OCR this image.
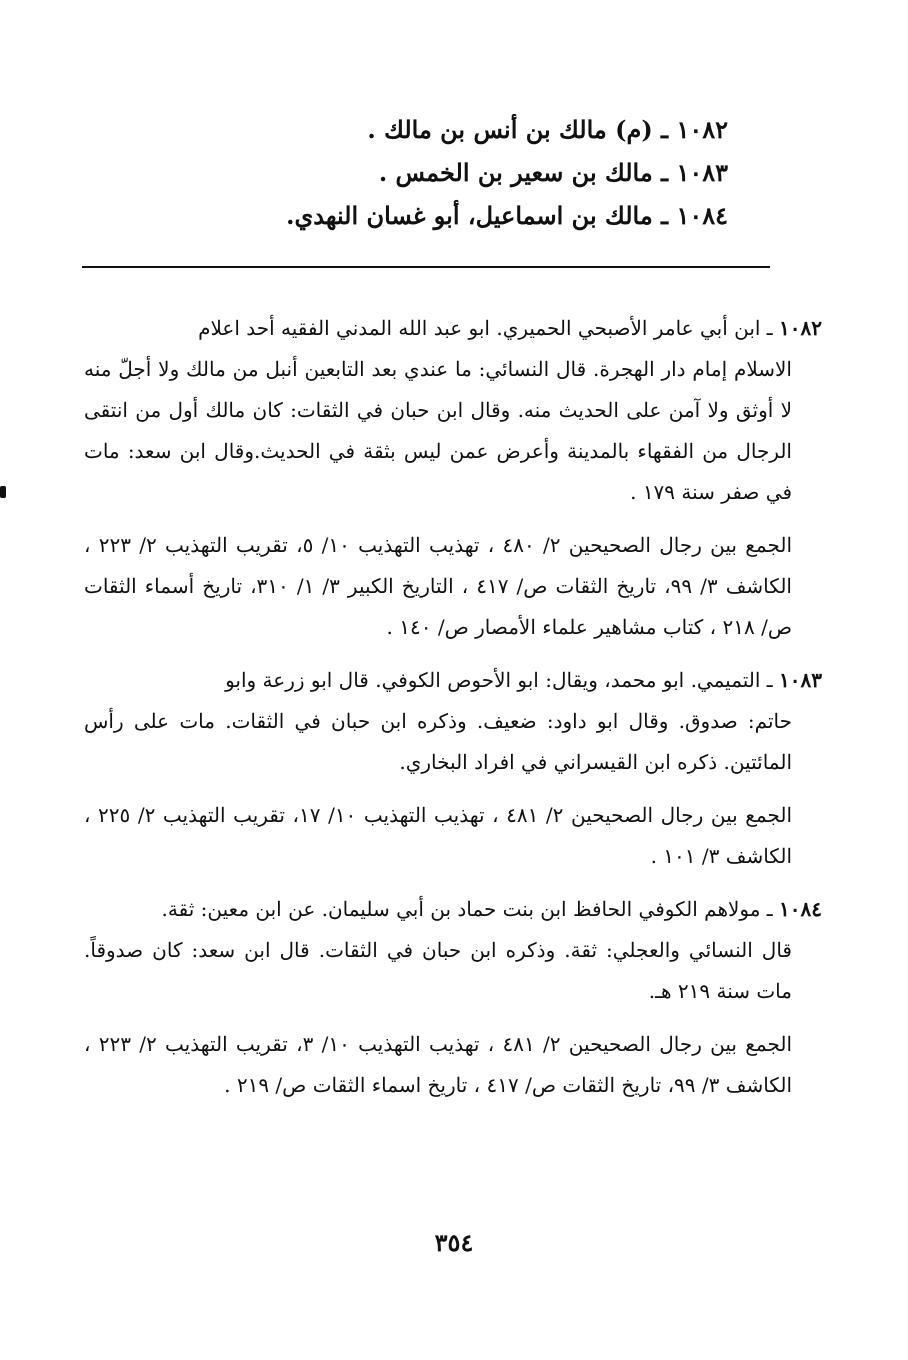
١٠٨٢ ـ (م) مالك بن أنس بن مالك .
١٠٨٣ ـ مالك بن سعير بن الخمس .
١٠٨٤ ـ مالك بن اسماعيل، أبو غسان النهدي.

١٠٨٢ ـ ابن أبي عامر الأصبحي الحميري. ابو عبد الله المدني الفقيه أحد اعلام
الاسلام إمام دار الهجرة. قال النسائي: ما عندي بعد التابعين أنبل من مالك ولا أجلّ منه لا أوثق ولا آمن على الحديث منه. وقال ابن حبان في الثقات: كان مالك أول من انتقى الرجال من الفقهاء بالمدينة وأعرض عمن ليس بثقة في الحديث.وقال ابن سعد: مات في صفر سنة ١٧٩ .

الجمع بين رجال الصحيحين ٢/ ٤٨٠ ، تهذيب التهذيب ١٠/ ٥، تقريب التهذيب ٢/ ٢٢٣ ، الكاشف ٣/ ٩٩، تاريخ الثقات ص/ ٤١٧ ، التاريخ الكبير ٣/ ١/ ٣١٠، تاريخ أسماء الثقات ص/ ٢١٨ ، كتاب مشاهير علماء الأمصار ص/ ١٤٠ .

١٠٨٣ ـ التميمي. ابو محمد، ويقال: ابو الأحوص الكوفي. قال ابو زرعة وابو
حاتم: صدوق. وقال ابو داود: ضعيف. وذكره ابن حبان في الثقات. مات على رأس المائتين. ذكره ابن القيسراني في افراد البخاري.

الجمع بين رجال الصحيحين ٢/ ٤٨١ ، تهذيب التهذيب ١٠/ ١٧، تقريب التهذيب ٢/ ٢٢٥ ، الكاشف ٣/ ١٠١ .

١٠٨٤ ـ مولاهم الكوفي الحافظ ابن بنت حماد بن أبي سليمان. عن ابن معين: ثقة.
قال النسائي والعجلي: ثقة. وذكره ابن حبان في الثقات. قال ابن سعد: كان صدوقاً. مات سنة ٢١٩ هـ.

الجمع بين رجال الصحيحين ٢/ ٤٨١ ، تهذيب التهذيب ١٠/ ٣، تقريب التهذيب ٢/ ٢٢٣ ، الكاشف ٣/ ٩٩، تاريخ الثقات ص/ ٤١٧ ، تاريخ اسماء الثقات ص/ ٢١٩ .

٣٥٤
